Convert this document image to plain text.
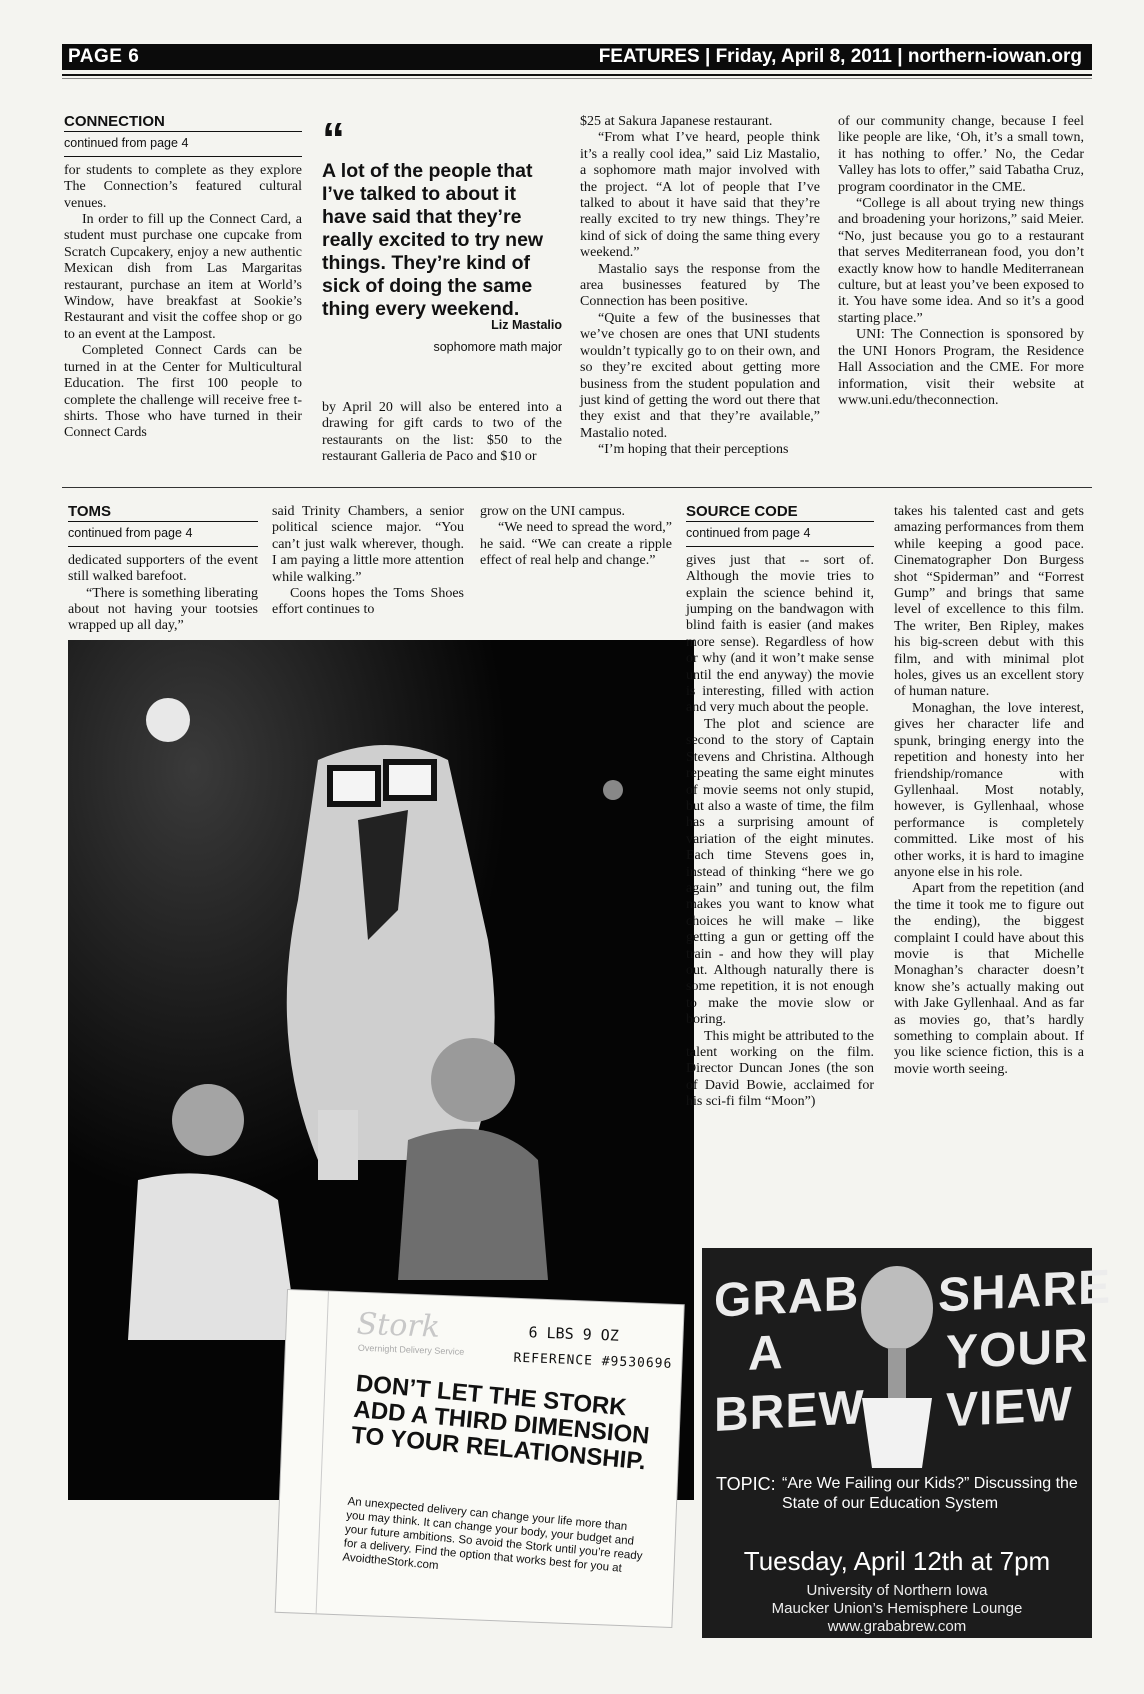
PAGE 6	FEATURES | Friday, April 8, 2011 | northern-iowan.org
CONNECTION
continued from page 4

for students to complete as they explore The Connection’s featured cultural venues.

In order to fill up the Connect Card, a student must purchase one cupcake from Scratch Cupcakery, enjoy a new authentic Mexican dish from Las Margaritas restaurant, purchase an item at World’s Window, have breakfast at Sookie’s Restaurant and visit the coffee shop or go to an event at the Lampost.

Completed Connect Cards can be turned in at the Center for Multicultural Education. The first 100 people to complete the challenge will receive free t-shirts. Those who have turned in their Connect Cards

“
A lot of the people that I’ve talked to about it have said that they’re really excited to try new things. They’re kind of sick of doing the same thing every weekend.
Liz Mastalio
sophomore math major

by April 20 will also be entered into a drawing for gift cards to two of the restaurants on the list: $50 to the restaurant Galleria de Paco and $10 or

$25 at Sakura Japanese restaurant.

“From what I’ve heard, people think it’s a really cool idea,” said Liz Mastalio, a sophomore math major involved with the project. “A lot of people that I’ve talked to about it have said that they’re really excited to try new things. They’re kind of sick of doing the same thing every weekend.”

Mastalio says the response from the area businesses featured by The Connection has been positive.

“Quite a few of the businesses that we’ve chosen are ones that UNI students wouldn’t typically go to on their own, and so they’re excited about getting more business from the student population and just kind of getting the word out there that they exist and that they’re available,” Mastalio noted.

“I’m hoping that their perceptions

of our community change, because I feel like people are like, ‘Oh, it’s a small town, it has nothing to offer.’ No, the Cedar Valley has lots to offer,” said Tabatha Cruz, program coordinator in the CME.

“College is all about trying new things and broadening your horizons,” said Meier. “No, just because you go to a restaurant that serves Mediterranean food, you don’t exactly know how to handle Mediterranean culture, but at least you’ve been exposed to it. You have some idea. And so it’s a good starting place.”

UNI: The Connection is sponsored by the UNI Honors Program, the Residence Hall Association and the CME. For more information, visit their website at www.uni.edu/theconnection.

TOMS
continued from page 4

dedicated supporters of the event still walked barefoot.

“There is something liberating about not having your tootsies wrapped up all day,”

said Trinity Chambers, a senior political science major. “You can’t just walk wherever, though. I am paying a little more attention while walking.”

Coons hopes the Toms Shoes effort continues to

grow on the UNI campus.

“We need to spread the word,” he said. “We can create a ripple effect of real help and change.”

Stork
Overnight Delivery Service
6 LBS 9 OZ
REFERENCE #9530696
DON’T LET THE STORK ADD A THIRD DIMENSION TO YOUR RELATIONSHIP.
An unexpected delivery can change your life more than you may think. It can change your body, your budget and your future ambitions. So avoid the Stork until you’re ready for a delivery. Find the option that works best for you at AvoidtheStork.com
SOURCE CODE
continued from page 4

gives just that -- sort of. Although the movie tries to explain the science behind it, jumping on the bandwagon with blind faith is easier (and makes more sense). Regardless of how or why (and it won’t make sense until the end anyway) the movie is interesting, filled with action and very much about the people.

The plot and science are second to the story of Captain Stevens and Christina. Although repeating the same eight minutes of movie seems not only stupid, but also a waste of time, the film has a surprising amount of variation of the eight minutes. Each time Stevens goes in, instead of thinking “here we go again” and tuning out, the film makes you want to know what choices he will make – like getting a gun or getting off the train - and how they will play out. Although naturally there is some repetition, it is not enough to make the movie slow or boring.

This might be attributed to the talent working on the film. Director Duncan Jones (the son of David Bowie, acclaimed for his sci-fi film “Moon”)

takes his talented cast and gets amazing performances from them while keeping a good pace. Cinematographer Don Burgess shot “Spiderman” and “Forrest Gump” and brings that same level of excellence to this film. The writer, Ben Ripley, makes his big-screen debut with this film, and with minimal plot holes, gives us an excellent story of human nature.

Monaghan, the love interest, gives her character life and spunk, bringing energy into the repetition and honesty into her friendship/romance with Gyllenhaal. Most notably, however, is Gyllenhaal, whose performance is completely committed. Like most of his other works, it is hard to imagine anyone else in his role.

Apart from the repetition (and the time it took me to figure out the ending), the biggest complaint I could have about this movie is that Michelle Monaghan’s character doesn’t know she’s actually making out with Jake Gyllenhaal. And as far as movies go, that’s hardly something to complain about. If you like science fiction, this is a movie worth seeing.

GRAB
A
BREW
SHARE
YOUR
VIEW
TOPIC: “Are We Failing our Kids?” Discussing the State of our Education System
Tuesday, April 12th at 7pm
University of Northern Iowa
Maucker Union’s Hemisphere Lounge
www.grababrew.com
